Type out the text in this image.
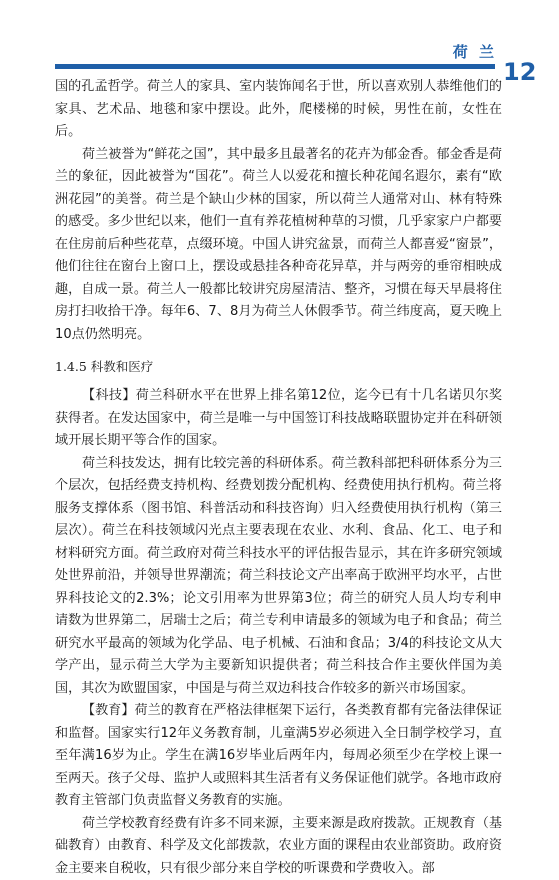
荷 兰
12

国的孔孟哲学。荷兰人的家具、室内装饰闻名于世，所以喜欢别人恭维他们的家具、艺术品、地毯和家中摆设。此外，爬楼梯的时候，男性在前，女性在后。

荷兰被誉为“鲜花之国”，其中最多且最著名的花卉为郁金香。郁金香是荷兰的象征，因此被誉为“国花”。荷兰人以爱花和擅长种花闻名遐尔，素有“欧洲花园”的美誉。荷兰是个缺山少林的国家，所以荷兰人通常对山、林有特殊的感受。多少世纪以来，他们一直有养花植树种草的习惯，几乎家家户户都要在住房前后种些花草，点缀环境。中国人讲究盆景，而荷兰人都喜爱“窗景”，他们往往在窗台上窗口上，摆设或悬挂各种奇花异草，并与两旁的垂帘相映成趣，自成一景。荷兰人一般都比较讲究房屋清洁、整齐，习惯在每天早晨将住房打扫收拾干净。每年6、7、8月为荷兰人休假季节。荷兰纬度高，夏天晚上10点仍然明亮。

1.4.5 科教和医疗

【科技】荷兰科研水平在世界上排名第12位，迄今已有十几名诺贝尔奖获得者。在发达国家中，荷兰是唯一与中国签订科技战略联盟协定并在科研领域开展长期平等合作的国家。

荷兰科技发达，拥有比较完善的科研体系。荷兰教科部把科研体系分为三个层次，包括经费支持机构、经费划拨分配机构、经费使用执行机构。荷兰将服务支撑体系（图书馆、科普活动和科技咨询）归入经费使用执行机构（第三层次）。荷兰在科技领域闪光点主要表现在农业、水利、食品、化工、电子和材料研究方面。荷兰政府对荷兰科技水平的评估报告显示，其在许多研究领域处世界前沿，并领导世界潮流；荷兰科技论文产出率高于欧洲平均水平，占世界科技论文的2.3%；论文引用率为世界第3位；荷兰的研究人员人均专利申请数为世界第二，居瑞士之后；荷兰专利申请最多的领域为电子和食品；荷兰研究水平最高的领域为化学品、电子机械、石油和食品；3/4的科技论文从大学产出，显示荷兰大学为主要新知识提供者；荷兰科技合作主要伙伴国为美国，其次为欧盟国家，中国是与荷兰双边科技合作较多的新兴市场国家。

【教育】荷兰的教育在严格法律框架下运行，各类教育都有完备法律保证和监督。国家实行12年义务教育制，儿童满5岁必须进入全日制学校学习，直至年满16岁为止。学生在满16岁毕业后两年内，每周必须至少在学校上课一至两天。孩子父母、监护人或照料其生活者有义务保证他们就学。各地市政府教育主管部门负责监督义务教育的实施。

荷兰学校教育经费有许多不同来源，主要来源是政府拨款。正规教育（基础教育）由教育、科学及文化部拨款，农业方面的课程由农业部资助。政府资金主要来自税收，只有很少部分来自学校的听课费和学费收入。部
